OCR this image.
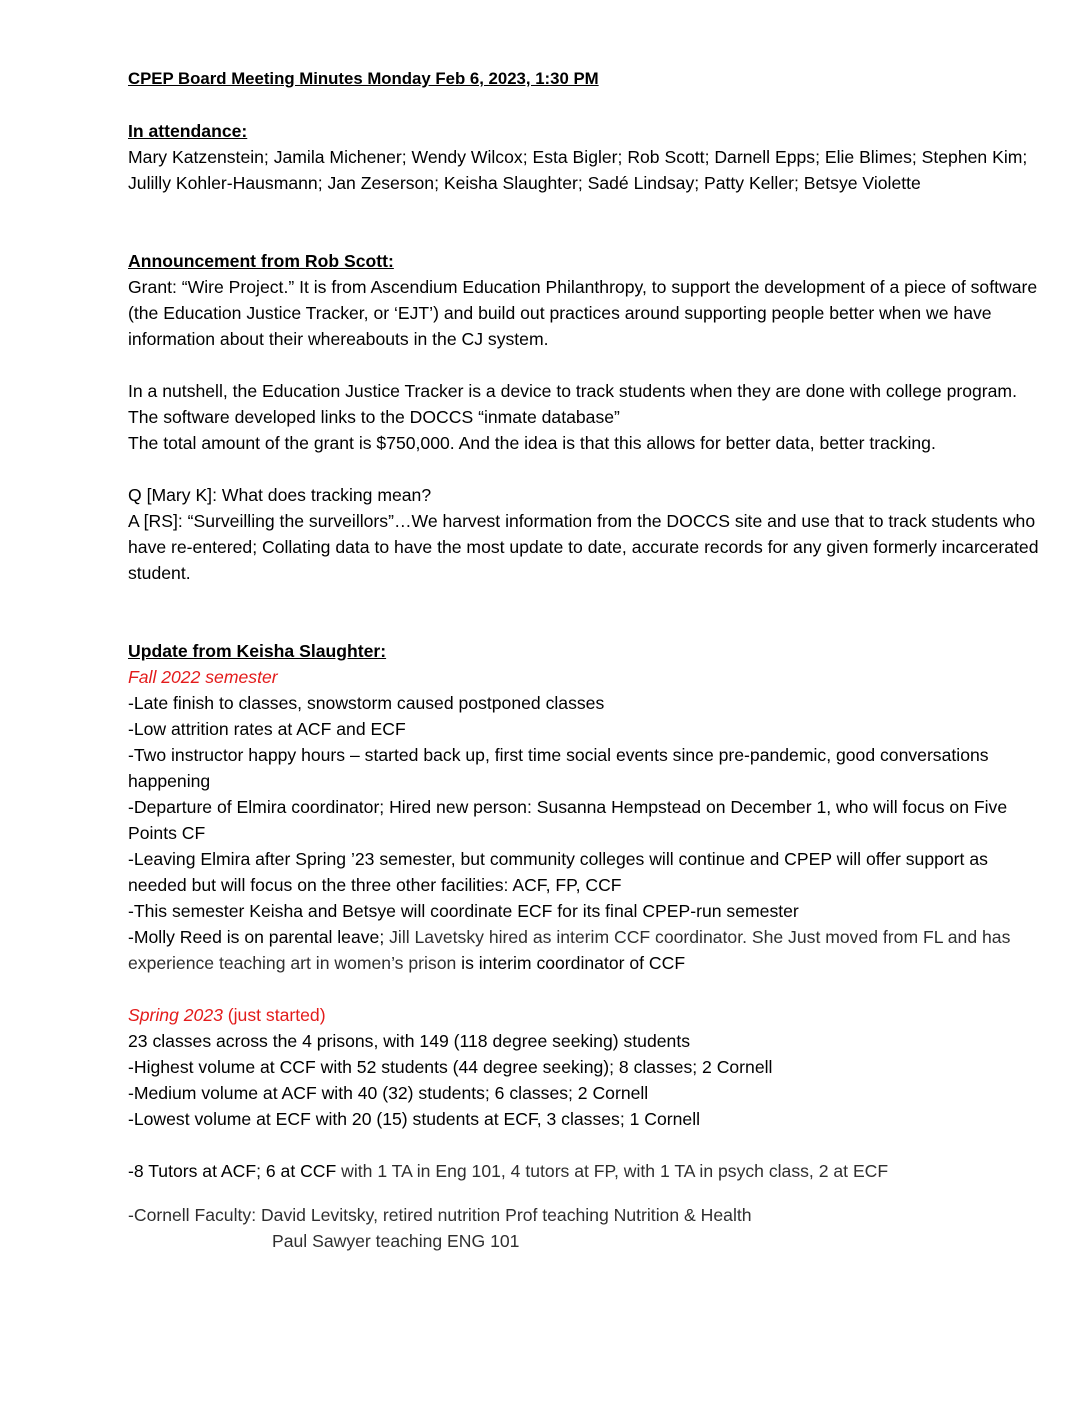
CPEP Board Meeting Minutes Monday Feb 6, 2023, 1:30 PM

In attendance:

Mary Katzenstein; Jamila Michener; Wendy Wilcox; Esta Bigler; Rob Scott; Darnell Epps; Elie Blimes; Stephen Kim; Julilly Kohler-Hausmann; Jan Zeserson; Keisha Slaughter; Sadé Lindsay; Patty Keller; Betsye Violette

Announcement from Rob Scott:

Grant: “Wire Project.” It is from Ascendium Education Philanthropy, to support the development of a piece of software (the Education Justice Tracker, or ‘EJT’) and build out practices around supporting people better when we have information about their whereabouts in the CJ system.

In a nutshell, the Education Justice Tracker is a device to track students when they are done with college program. The software developed links to the DOCCS “inmate database”

The total amount of the grant is $750,000. And the idea is that this allows for better data, better tracking.

Q [Mary K]: What does tracking mean?

A [RS]: “Surveilling the surveillors”…We harvest information from the DOCCS site and use that to track students who have re-entered; Collating data to have the most update to date, accurate records for any given formerly incarcerated student.

Update from Keisha Slaughter:

Fall 2022 semester

-Late finish to classes, snowstorm caused postponed classes

-Low attrition rates at ACF and ECF

-Two instructor happy hours – started back up, first time social events since pre-pandemic, good conversations happening

-Departure of Elmira coordinator; Hired new person: Susanna Hempstead on December 1, who will focus on Five Points CF

-Leaving Elmira after Spring ’23 semester, but community colleges will continue and CPEP will offer support as needed but will focus on the three other facilities: ACF, FP, CCF

-This semester Keisha and Betsye will coordinate ECF for its final CPEP-run semester

-Molly Reed is on parental leave; Jill Lavetsky hired as interim CCF coordinator. She Just moved from FL and has experience teaching art in women’s prison is interim coordinator of CCF

Spring 2023 (just started)

23 classes across the 4 prisons, with 149 (118 degree seeking) students

-Highest volume at CCF with 52 students (44 degree seeking); 8 classes; 2 Cornell

-Medium volume at ACF with 40 (32) students; 6 classes; 2 Cornell

-Lowest volume at ECF with 20 (15) students at ECF, 3 classes; 1 Cornell

-8 Tutors at ACF; 6 at CCF with 1 TA in Eng 101, 4 tutors at FP, with 1 TA in psych class, 2 at ECF

-Cornell Faculty: David Levitsky, retired nutrition Prof teaching Nutrition & Health

Paul Sawyer teaching ENG 101
